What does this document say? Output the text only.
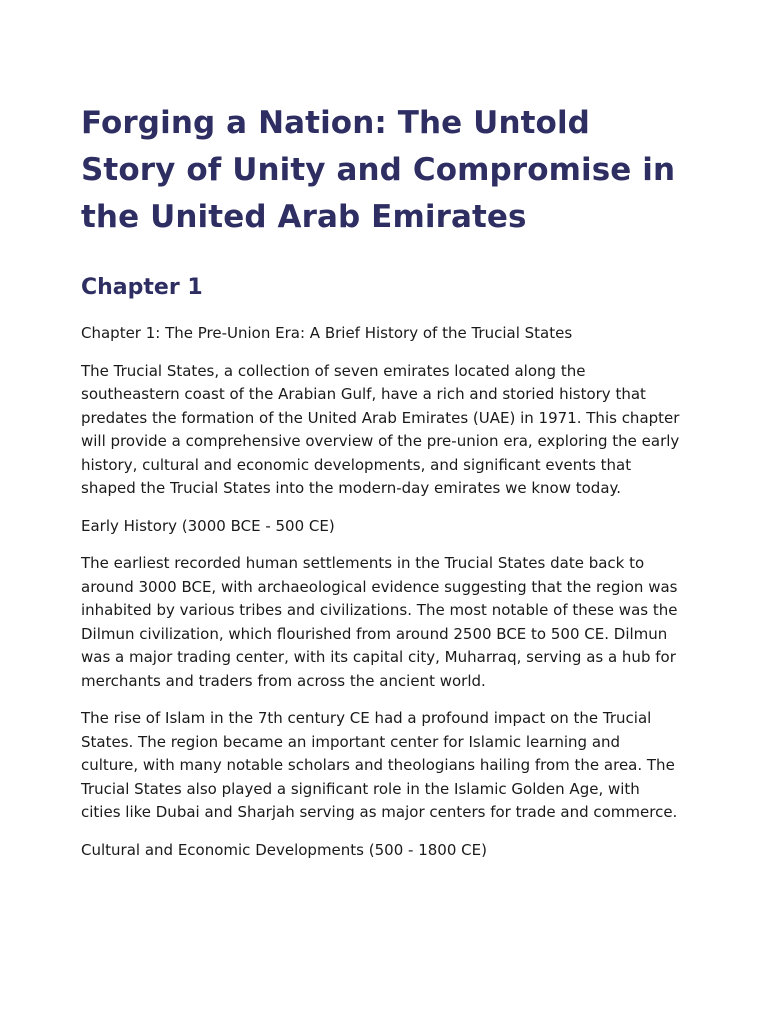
Forging a Nation: The Untold Story of Unity and Compromise in the United Arab Emirates
Chapter 1

Chapter 1: The Pre-Union Era: A Brief History of the Trucial States

The Trucial States, a collection of seven emirates located along the southeastern coast of the Arabian Gulf, have a rich and storied history that predates the formation of the United Arab Emirates (UAE) in 1971. This chapter will provide a comprehensive overview of the pre-union era, exploring the early history, cultural and economic developments, and significant events that shaped the Trucial States into the modern-day emirates we know today.

Early History (3000 BCE - 500 CE)

The earliest recorded human settlements in the Trucial States date back to around 3000 BCE, with archaeological evidence suggesting that the region was inhabited by various tribes and civilizations. The most notable of these was the Dilmun civilization, which flourished from around 2500 BCE to 500 CE. Dilmun was a major trading center, with its capital city, Muharraq, serving as a hub for merchants and traders from across the ancient world.

The rise of Islam in the 7th century CE had a profound impact on the Trucial States. The region became an important center for Islamic learning and culture, with many notable scholars and theologians hailing from the area. The Trucial States also played a significant role in the Islamic Golden Age, with cities like Dubai and Sharjah serving as major centers for trade and commerce.

Cultural and Economic Developments (500 - 1800 CE)
